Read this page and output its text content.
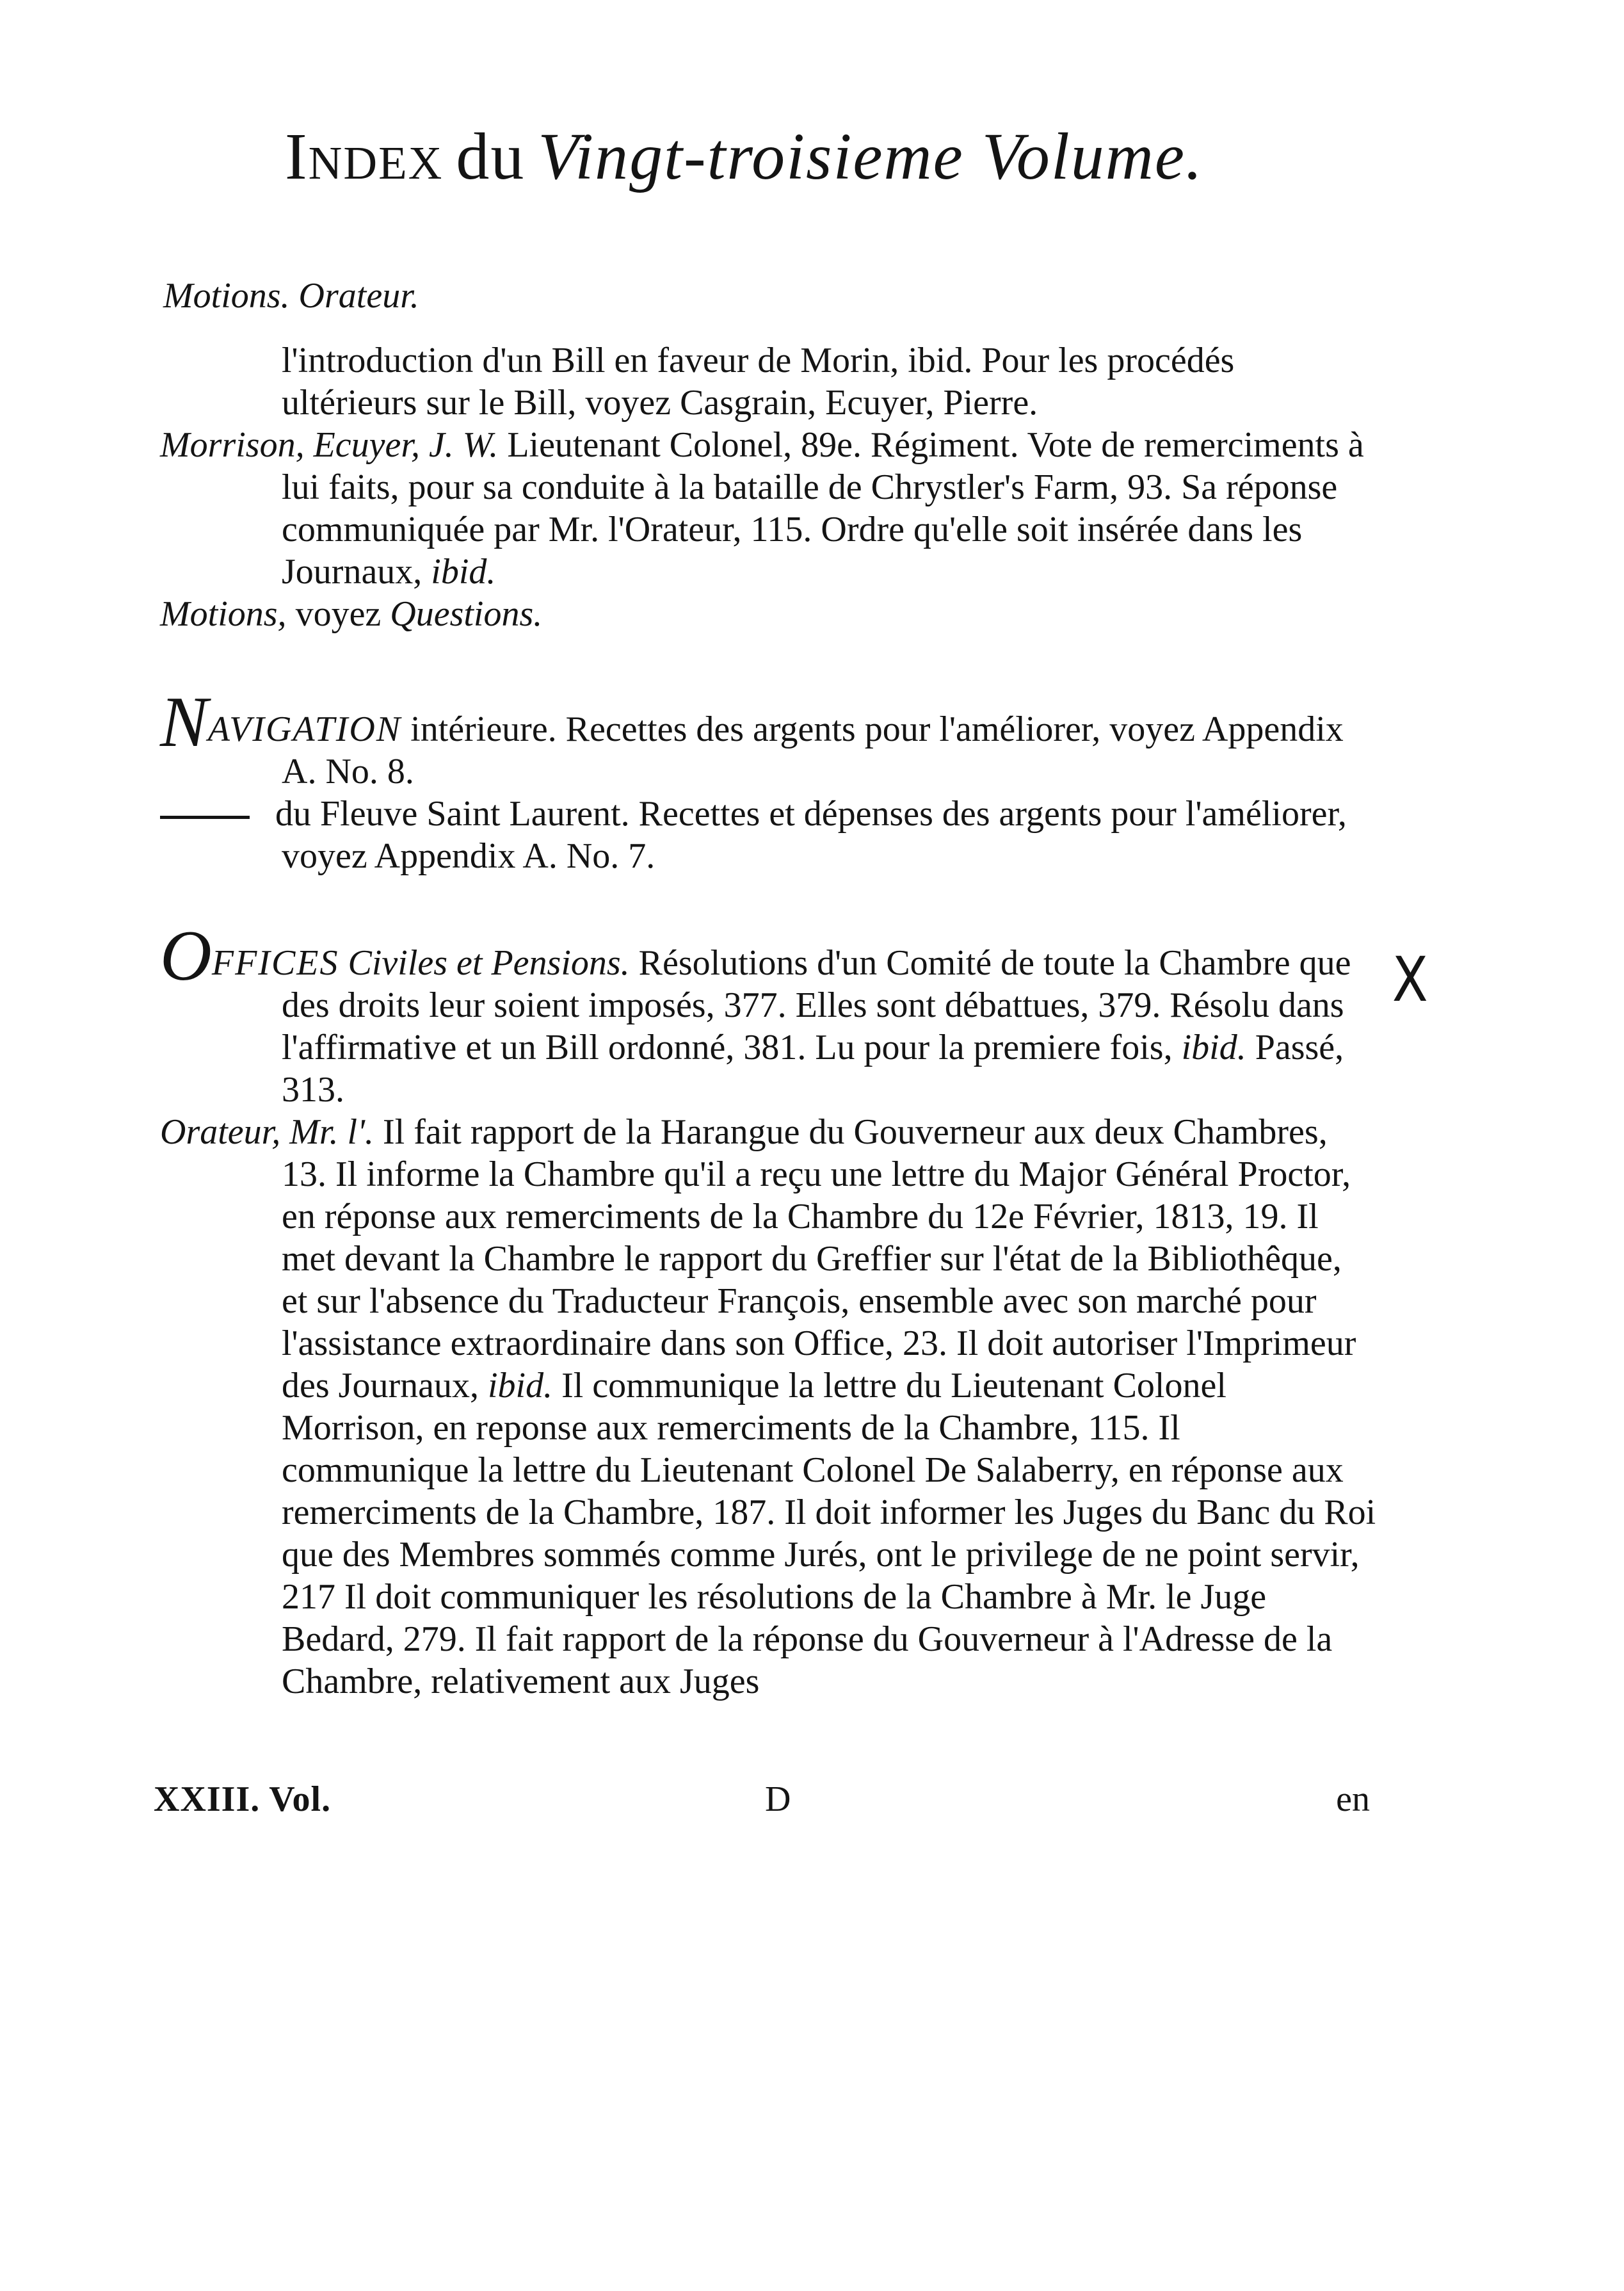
Index du Vingt-troisieme Volume.
Motions. Orateur.

l'introduction d'un Bill en faveur de Morin, ibid. Pour les procédés ultérieurs sur le Bill, voyez Casgrain, Ecuyer, Pierre.

Morrison, Ecuyer, J. W. Lieutenant Colonel, 89e. Régiment. Vote de remerciments à lui faits, pour sa conduite à la bataille de Chrystler's Farm, 93. Sa réponse communiquée par Mr. l'Orateur, 115. Ordre qu'elle soit insérée dans les Journaux, ibid.

Motions, voyez Questions.

NAVIGATION intérieure. Recettes des argents pour l'améliorer, voyez Appendix A. No. 8.

du Fleuve Saint Laurent. Recettes et dépenses des argents pour l'améliorer, voyez Appendix A. No. 7.

OFFICES Civiles et Pensions. Résolutions d'un Comité de toute la Chambre que des droits leur soient imposés, 377. Elles sont débattues, 379. Résolu dans l'affirmative et un Bill ordonné, 381. Lu pour la premiere fois, ibid. Passé, 313.

Orateur, Mr. l'. Il fait rapport de la Harangue du Gouverneur aux deux Chambres, 13. Il informe la Chambre qu'il a reçu une lettre du Major Général Proctor, en réponse aux remerciments de la Chambre du 12e Février, 1813, 19. Il met devant la Chambre le rapport du Greffier sur l'état de la Bibliothêque, et sur l'absence du Traducteur François, ensemble avec son marché pour l'assistance extraordinaire dans son Office, 23. Il doit autoriser l'Imprimeur des Journaux, ibid. Il communique la lettre du Lieutenant Colonel Morrison, en reponse aux remerciments de la Chambre, 115. Il communique la lettre du Lieutenant Colonel De Salaberry, en réponse aux remerciments de la Chambre, 187. Il doit informer les Juges du Banc du Roi que des Membres sommés comme Jurés, ont le privilege de ne point servir, 217 Il doit communiquer les résolutions de la Chambre à Mr. le Juge Bedard, 279. Il fait rapport de la réponse du Gouverneur à l'Adresse de la Chambre, relativement aux Juges

X
XXIII. Vol.	D	en
